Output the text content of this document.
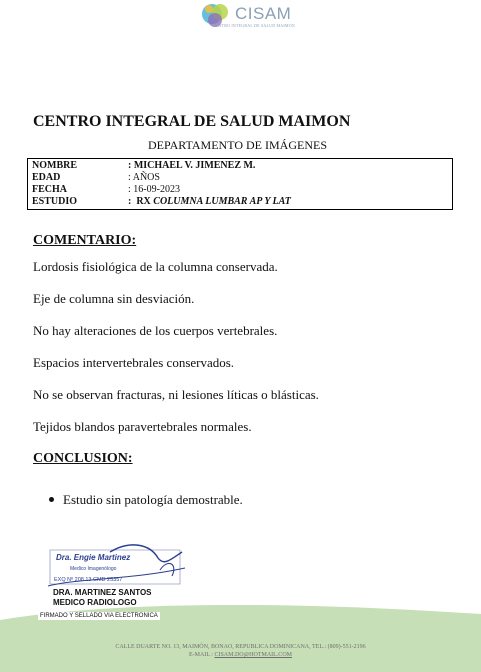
CISAM
CENTRO INTEGRAL DE SALUD MAIMON
CENTRO INTEGRAL DE SALUD MAIMON
DEPARTAMENTO DE IMÁGENES
NOMBRE	: MICHAEL V. JIMENEZ M.
EDAD	: AÑOS
FECHA	: 16-09-2023
ESTUDIO	:  RX COLUMNA LUMBAR AP Y LAT
COMENTARIO:
Lordosis fisiológica de la columna conservada.
Eje de columna sin desviación.
No hay alteraciones de los cuerpos vertebrales.
Espacios intervertebrales conservados.
No se observan fracturas, ni lesiones líticas o blásticas.
Tejidos blandos paravertebrales normales.
CONCLUSION:
Estudio sin patología demostrable.
Dra. Engie Martinez
Medico Imagenólogo
EXQ Nº 208 13 CMD 25357
DRA. MARTINEZ SANTOS
MEDICO RADIOLOGO
FIRMADO Y SELLADO VIA ELECTRONICA
CALLE DUARTE NO. 13, MAIMÓN, BONAO, REPUBLICA DOMINICANA, TEL.: (809)-551-2196
E-MAIL : CISAM.DO@HOTMAIL.COM
